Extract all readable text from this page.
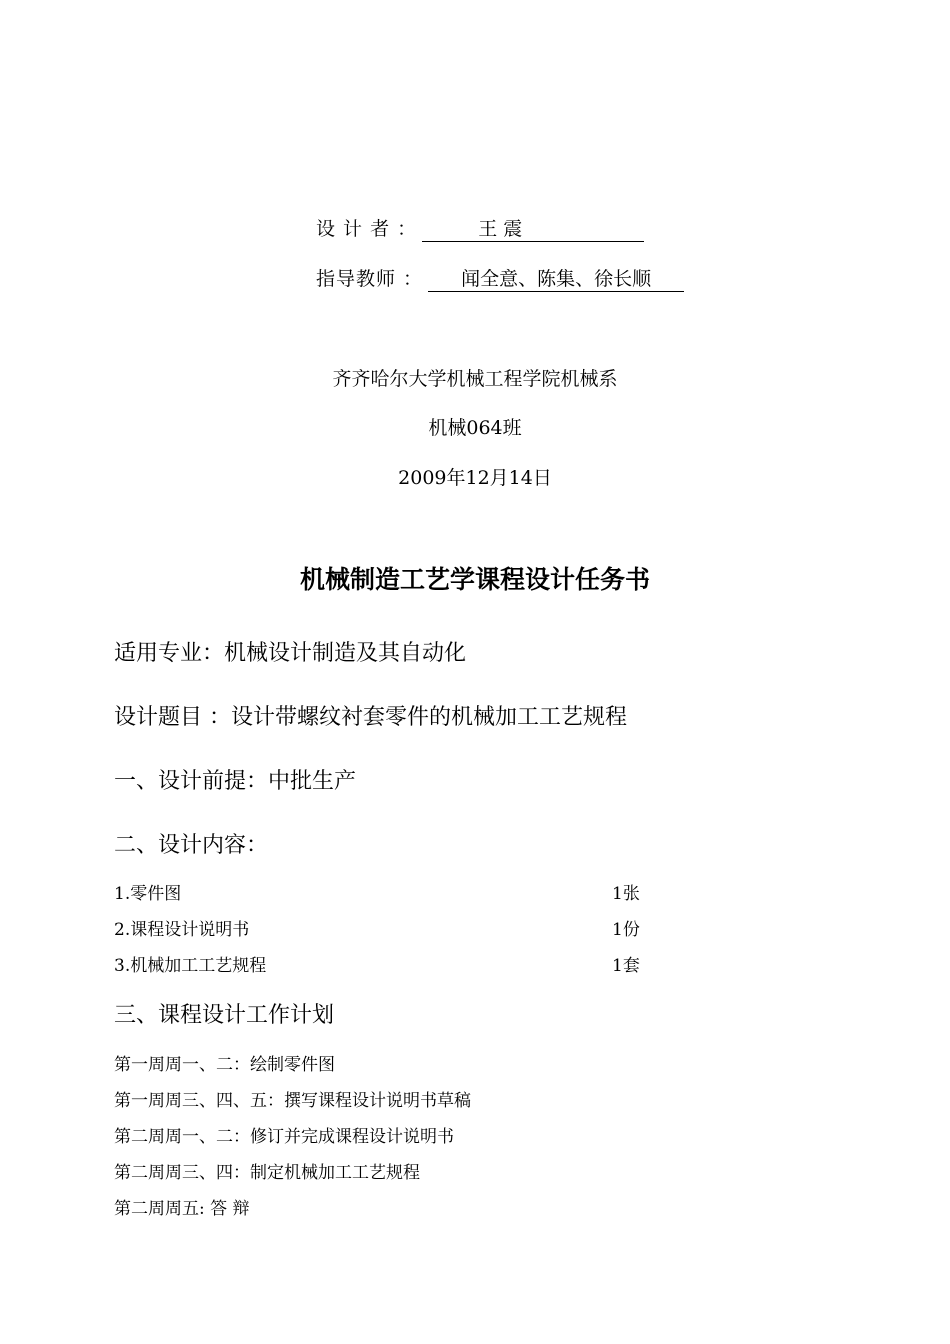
设 计 者 ：	王 震
指导教师 ： 闻全意、陈集、徐长顺
齐齐哈尔大学机械工程学院机械系
机械064班
2009年12月14日
机械制造工艺学课程设计任务书
适用专业：机械设计制造及其自动化
设计题目 ：设计带螺纹衬套零件的机械加工工艺规程
一、设计前提：中批生产
二、设计内容：
1.零件图	1张
2.课程设计说明书	1份
3.机械加工工艺规程	1套
三、课程设计工作计划
第一周周一、二：绘制零件图
第一周周三、四、五：撰写课程设计说明书草稿
第二周周一、二：修订并完成课程设计说明书
第二周周三、四：制定机械加工工艺规程
第二周周五: 答 辩
